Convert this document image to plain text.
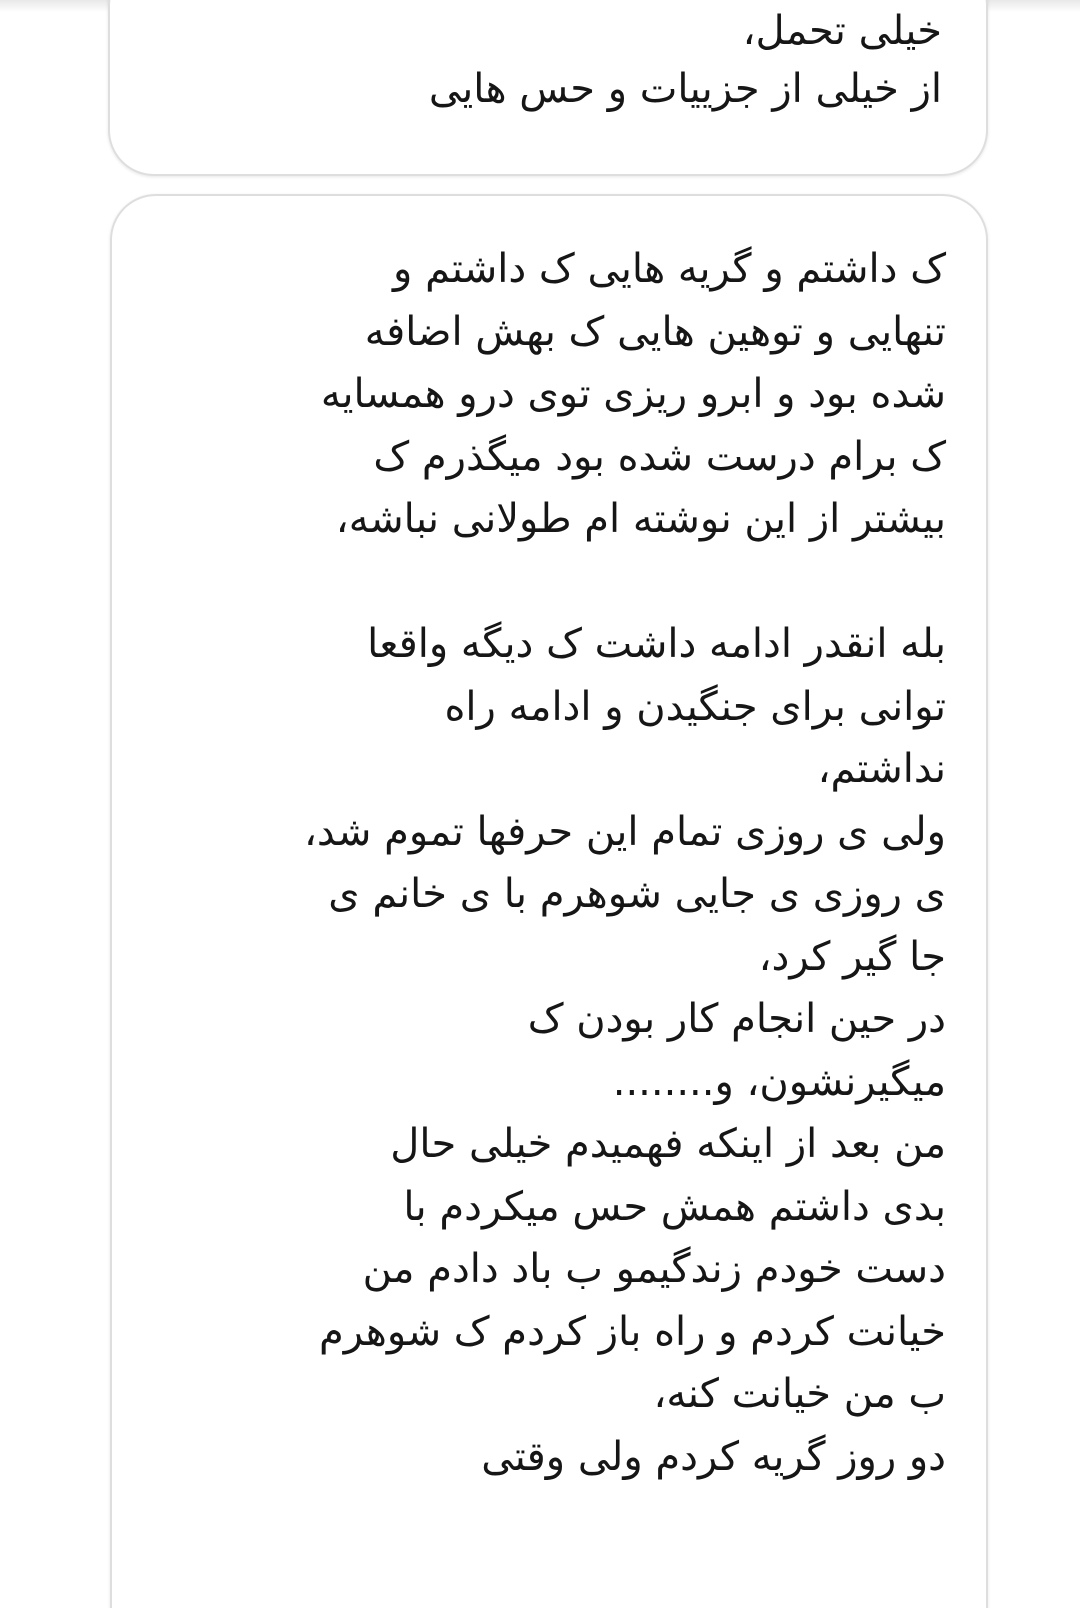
خیلی تحمل،
از خیلی از جزییات و حس هایی

ک داشتم و گریه هایی ک داشتم و
تنهایی و توهین هایی ک بهش اضافه
شده بود و ابرو ریزی توی درو همسایه
ک برام درست شده بود میگذرم ک
بیشتر از این نوشته ام طولانی نباشه،

بله انقدر ادامه داشت ک دیگه واقعا
توانی برای جنگیدن و ادامه راه
نداشتم،
ولی ی روزی تمام این حرفها تموم شد،
ی روزی ی جایی شوهرم با ی خانم ی
جا گیر کرد،
در حین انجام کار بودن ک
میگیرنشون، و........
من بعد از اینکه فهمیدم خیلی حال
بدی داشتم همش حس میکردم با
دست خودم زندگیمو ب باد دادم من
خیانت کردم و راه باز کردم ک شوهرم
ب من خیانت کنه،
دو روز گریه کردم ولی وقتی
